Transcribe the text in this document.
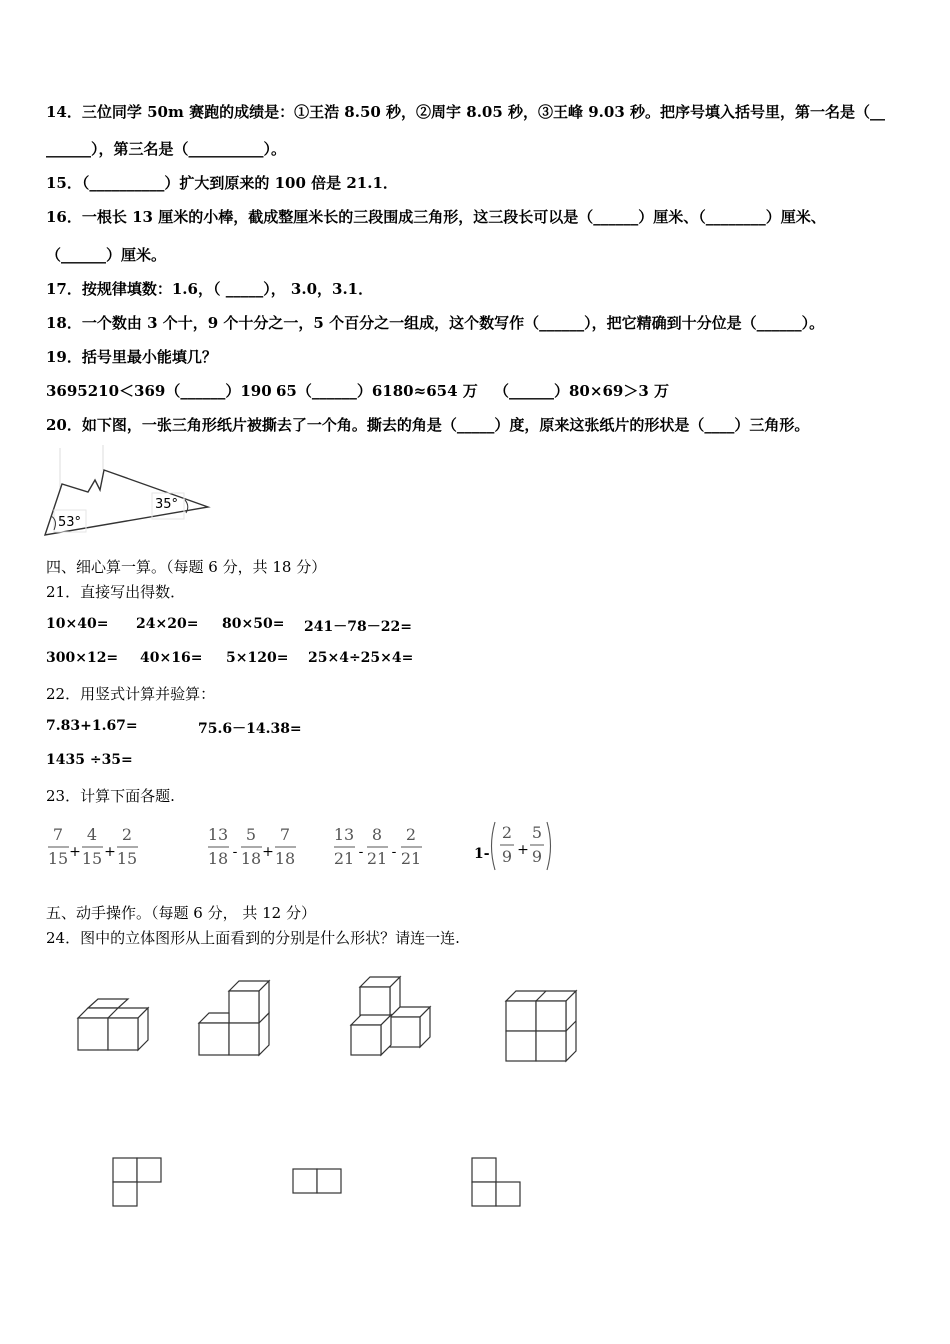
14．三位同学 50m 赛跑的成绩是：①王浩 8.50 秒，②周宇 8.05 秒，③王峰 9.03 秒。把序号填入括号里，第一名是（__
______），第三名是（__________）。
15．（__________）扩大到原来的 100 倍是 21.1．
16．一根长 13 厘米的小棒，截成整厘米长的三段围成三角形，这三段长可以是（______）厘米、（________）厘米、
（______）厘米。
17．按规律填数：1.6，（ _____）， 3.0，3.1．
18．一个数由 3 个十，9 个十分之一，5 个百分之一组成，这个数写作（______），把它精确到十分位是（______）。
19．括号里最小能填几？
3695210＜369（______）190 65（______）6180≈654 万 （______）80×69＞3 万
20．如下图，一张三角形纸片被撕去了一个角。撕去的角是（_____）度，原来这张纸片的形状是（____）三角形。
53°
35°
四、细心算一算。（每题 6 分，共 18 分）
21．直接写出得数．
10×40= 24×20= 80×50= 241－78－22=
300×12= 40×16= 5×120= 25×4÷25×4=
22．用竖式计算并验算：
7.83+1.67=	75.6－14.38=
1435 ÷35=
23．计算下面各题.
7
15 +
4
15 +
2
15
13
18 -
5
18 +
7
18
13
21 -
8
21 -
2
21	1-
2
9 +
5
9
五、动手操作。（每题 6 分， 共 12 分）
24．图中的立体图形从上面看到的分别是什么形状？请连一连.
